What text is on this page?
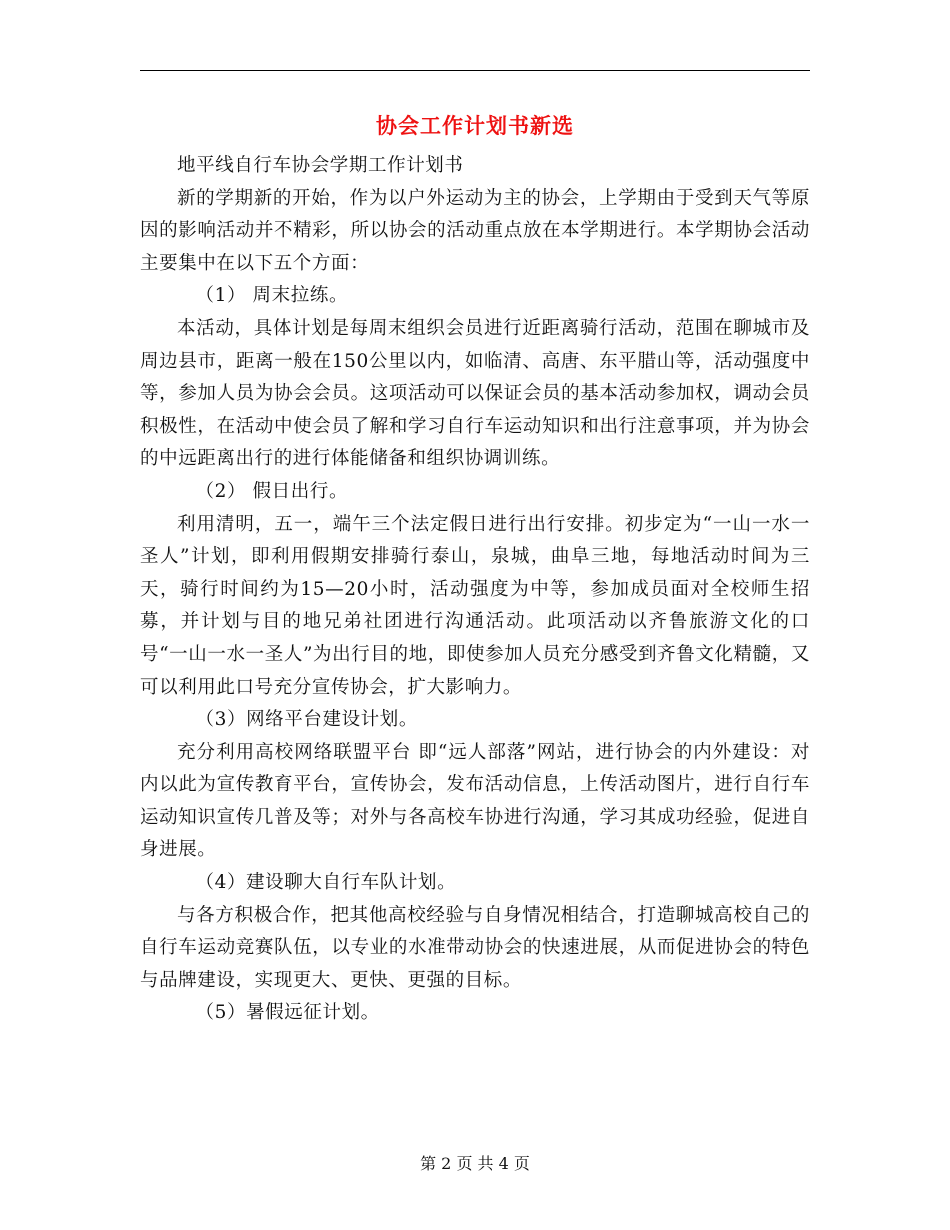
协会工作计划书新选

地平线自行车协会学期工作计划书

新的学期新的开始，作为以户外运动为主的协会，上学期由于受到天气等原因的影响活动并不精彩，所以协会的活动重点放在本学期进行。本学期协会活动主要集中在以下五个方面：

（1） 周末拉练。

本活动，具体计划是每周末组织会员进行近距离骑行活动，范围在聊城市及周边县市，距离一般在150公里以内，如临清、高唐、东平腊山等，活动强度中等，参加人员为协会会员。这项活动可以保证会员的基本活动参加权，调动会员积极性，在活动中使会员了解和学习自行车运动知识和出行注意事项，并为协会的中远距离出行的进行体能储备和组织协调训练。

（2） 假日出行。

利用清明，五一，端午三个法定假日进行出行安排。初步定为“一山一水一圣人”计划，即利用假期安排骑行泰山，泉城，曲阜三地，每地活动时间为三天，骑行时间约为15—20小时，活动强度为中等，参加成员面对全校师生招募，并计划与目的地兄弟社团进行沟通活动。此项活动以齐鲁旅游文化的口号“一山一水一圣人”为出行目的地，即使参加人员充分感受到齐鲁文化精髓，又可以利用此口号充分宣传协会，扩大影响力。

（3）网络平台建设计划。

充分利用高校网络联盟平台 即“远人部落”网站，进行协会的内外建设：对内以此为宣传教育平台，宣传协会，发布活动信息，上传活动图片，进行自行车运动知识宣传几普及等；对外与各高校车协进行沟通，学习其成功经验，促进自身进展。

（4）建设聊大自行车队计划。

与各方积极合作，把其他高校经验与自身情况相结合，打造聊城高校自己的自行车运动竞赛队伍，以专业的水准带动协会的快速进展，从而促进协会的特色与品牌建设，实现更大、更快、更强的目标。

（5）暑假远征计划。

第 2 页 共 4 页
